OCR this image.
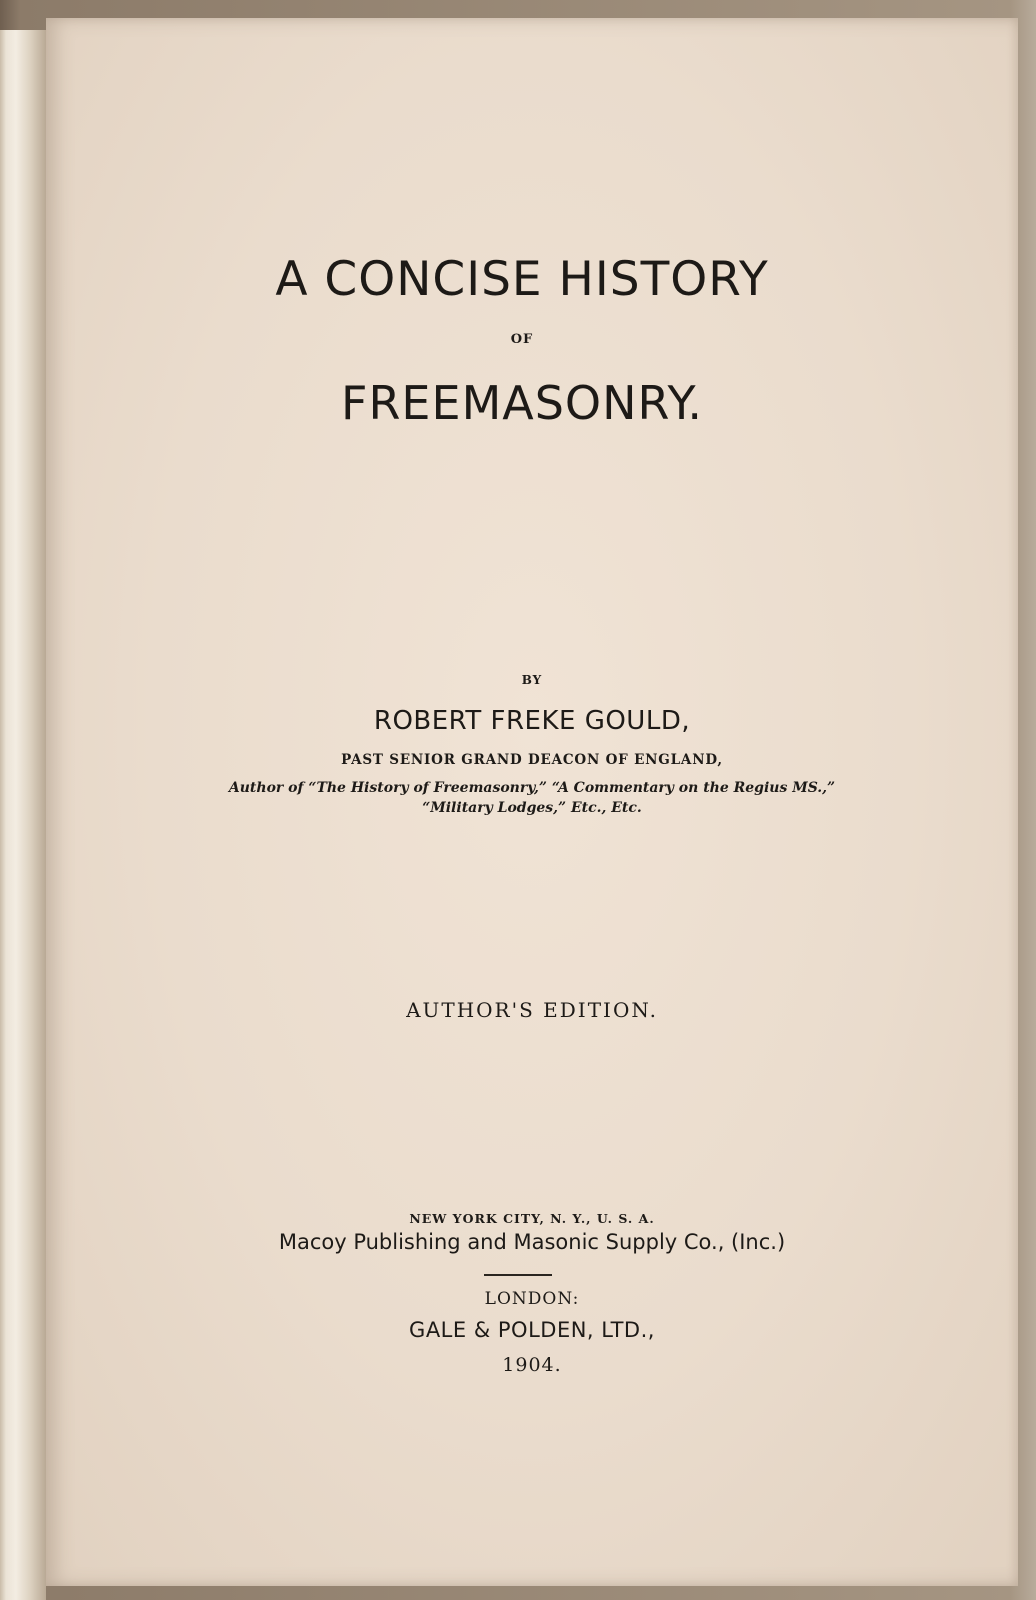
A CONCISE HISTORY
OF
FREEMASONRY.
BY
ROBERT FREKE GOULD,
PAST SENIOR GRAND DEACON OF ENGLAND,
Author of “The History of Freemasonry,” “A Commentary on the Regius MS.,”
“Military Lodges,” Etc., Etc.
AUTHOR'S EDITION.
NEW YORK CITY, N. Y., U. S. A.
Macoy Publishing and Masonic Supply Co., (Inc.)
LONDON:
GALE & POLDEN, LTD.,
1904.
